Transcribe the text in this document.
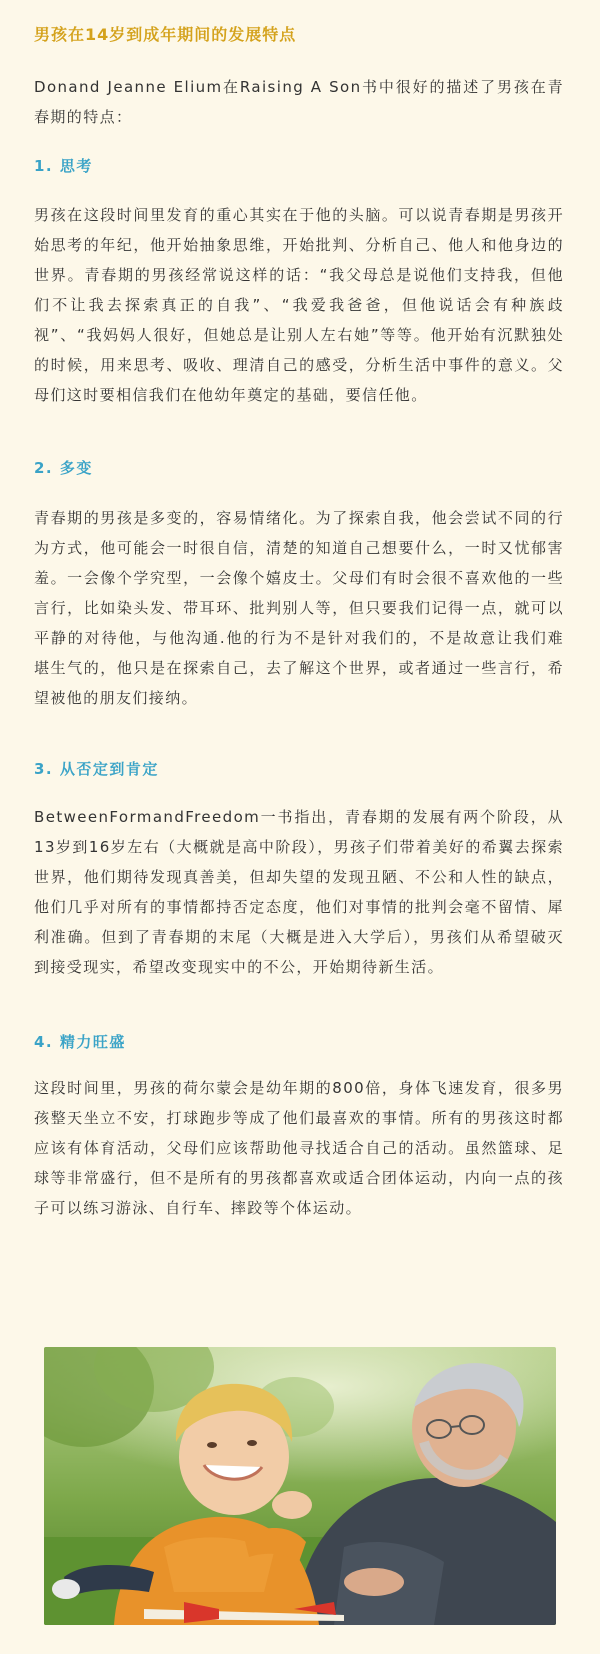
男孩在14岁到成年期间的发展特点

Donand Jeanne Elium在Raising A Son书中很好的描述了男孩在青春期的特点：

1. 思考

男孩在这段时间里发育的重心其实在于他的头脑。可以说青春期是男孩开始思考的年纪，他开始抽象思维，开始批判、分析自己、他人和他身边的世界。青春期的男孩经常说这样的话：“我父母总是说他们支持我，但他们不让我去探索真正的自我”、“我爱我爸爸，但他说话会有种族歧视”、“我妈妈人很好，但她总是让别人左右她”等等。他开始有沉默独处的时候，用来思考、吸收、理清自己的感受，分析生活中事件的意义。父母们这时要相信我们在他幼年奠定的基础，要信任他。

2. 多变

青春期的男孩是多变的，容易情绪化。为了探索自我，他会尝试不同的行为方式，他可能会一时很自信，清楚的知道自己想要什么，一时又忧郁害羞。一会像个学究型，一会像个嬉皮士。父母们有时会很不喜欢他的一些言行，比如染头发、带耳环、批判别人等，但只要我们记得一点，就可以平静的对待他，与他沟通.他的行为不是针对我们的，不是故意让我们难堪生气的，他只是在探索自己，去了解这个世界，或者通过一些言行，希望被他的朋友们接纳。

3. 从否定到肯定

BetweenFormandFreedom一书指出，青春期的发展有两个阶段，从13岁到16岁左右（大概就是高中阶段），男孩子们带着美好的希翼去探索世界，他们期待发现真善美，但却失望的发现丑陋、不公和人性的缺点，他们几乎对所有的事情都持否定态度，他们对事情的批判会毫不留情、犀利准确。但到了青春期的末尾（大概是进入大学后），男孩们从希望破灭到接受现实，希望改变现实中的不公，开始期待新生活。

4. 精力旺盛

这段时间里，男孩的荷尔蒙会是幼年期的800倍，身体飞速发育，很多男孩整天坐立不安，打球跑步等成了他们最喜欢的事情。所有的男孩这时都应该有体育活动，父母们应该帮助他寻找适合自己的活动。虽然篮球、足球等非常盛行，但不是所有的男孩都喜欢或适合团体运动，内向一点的孩子可以练习游泳、自行车、摔跤等个体运动。
